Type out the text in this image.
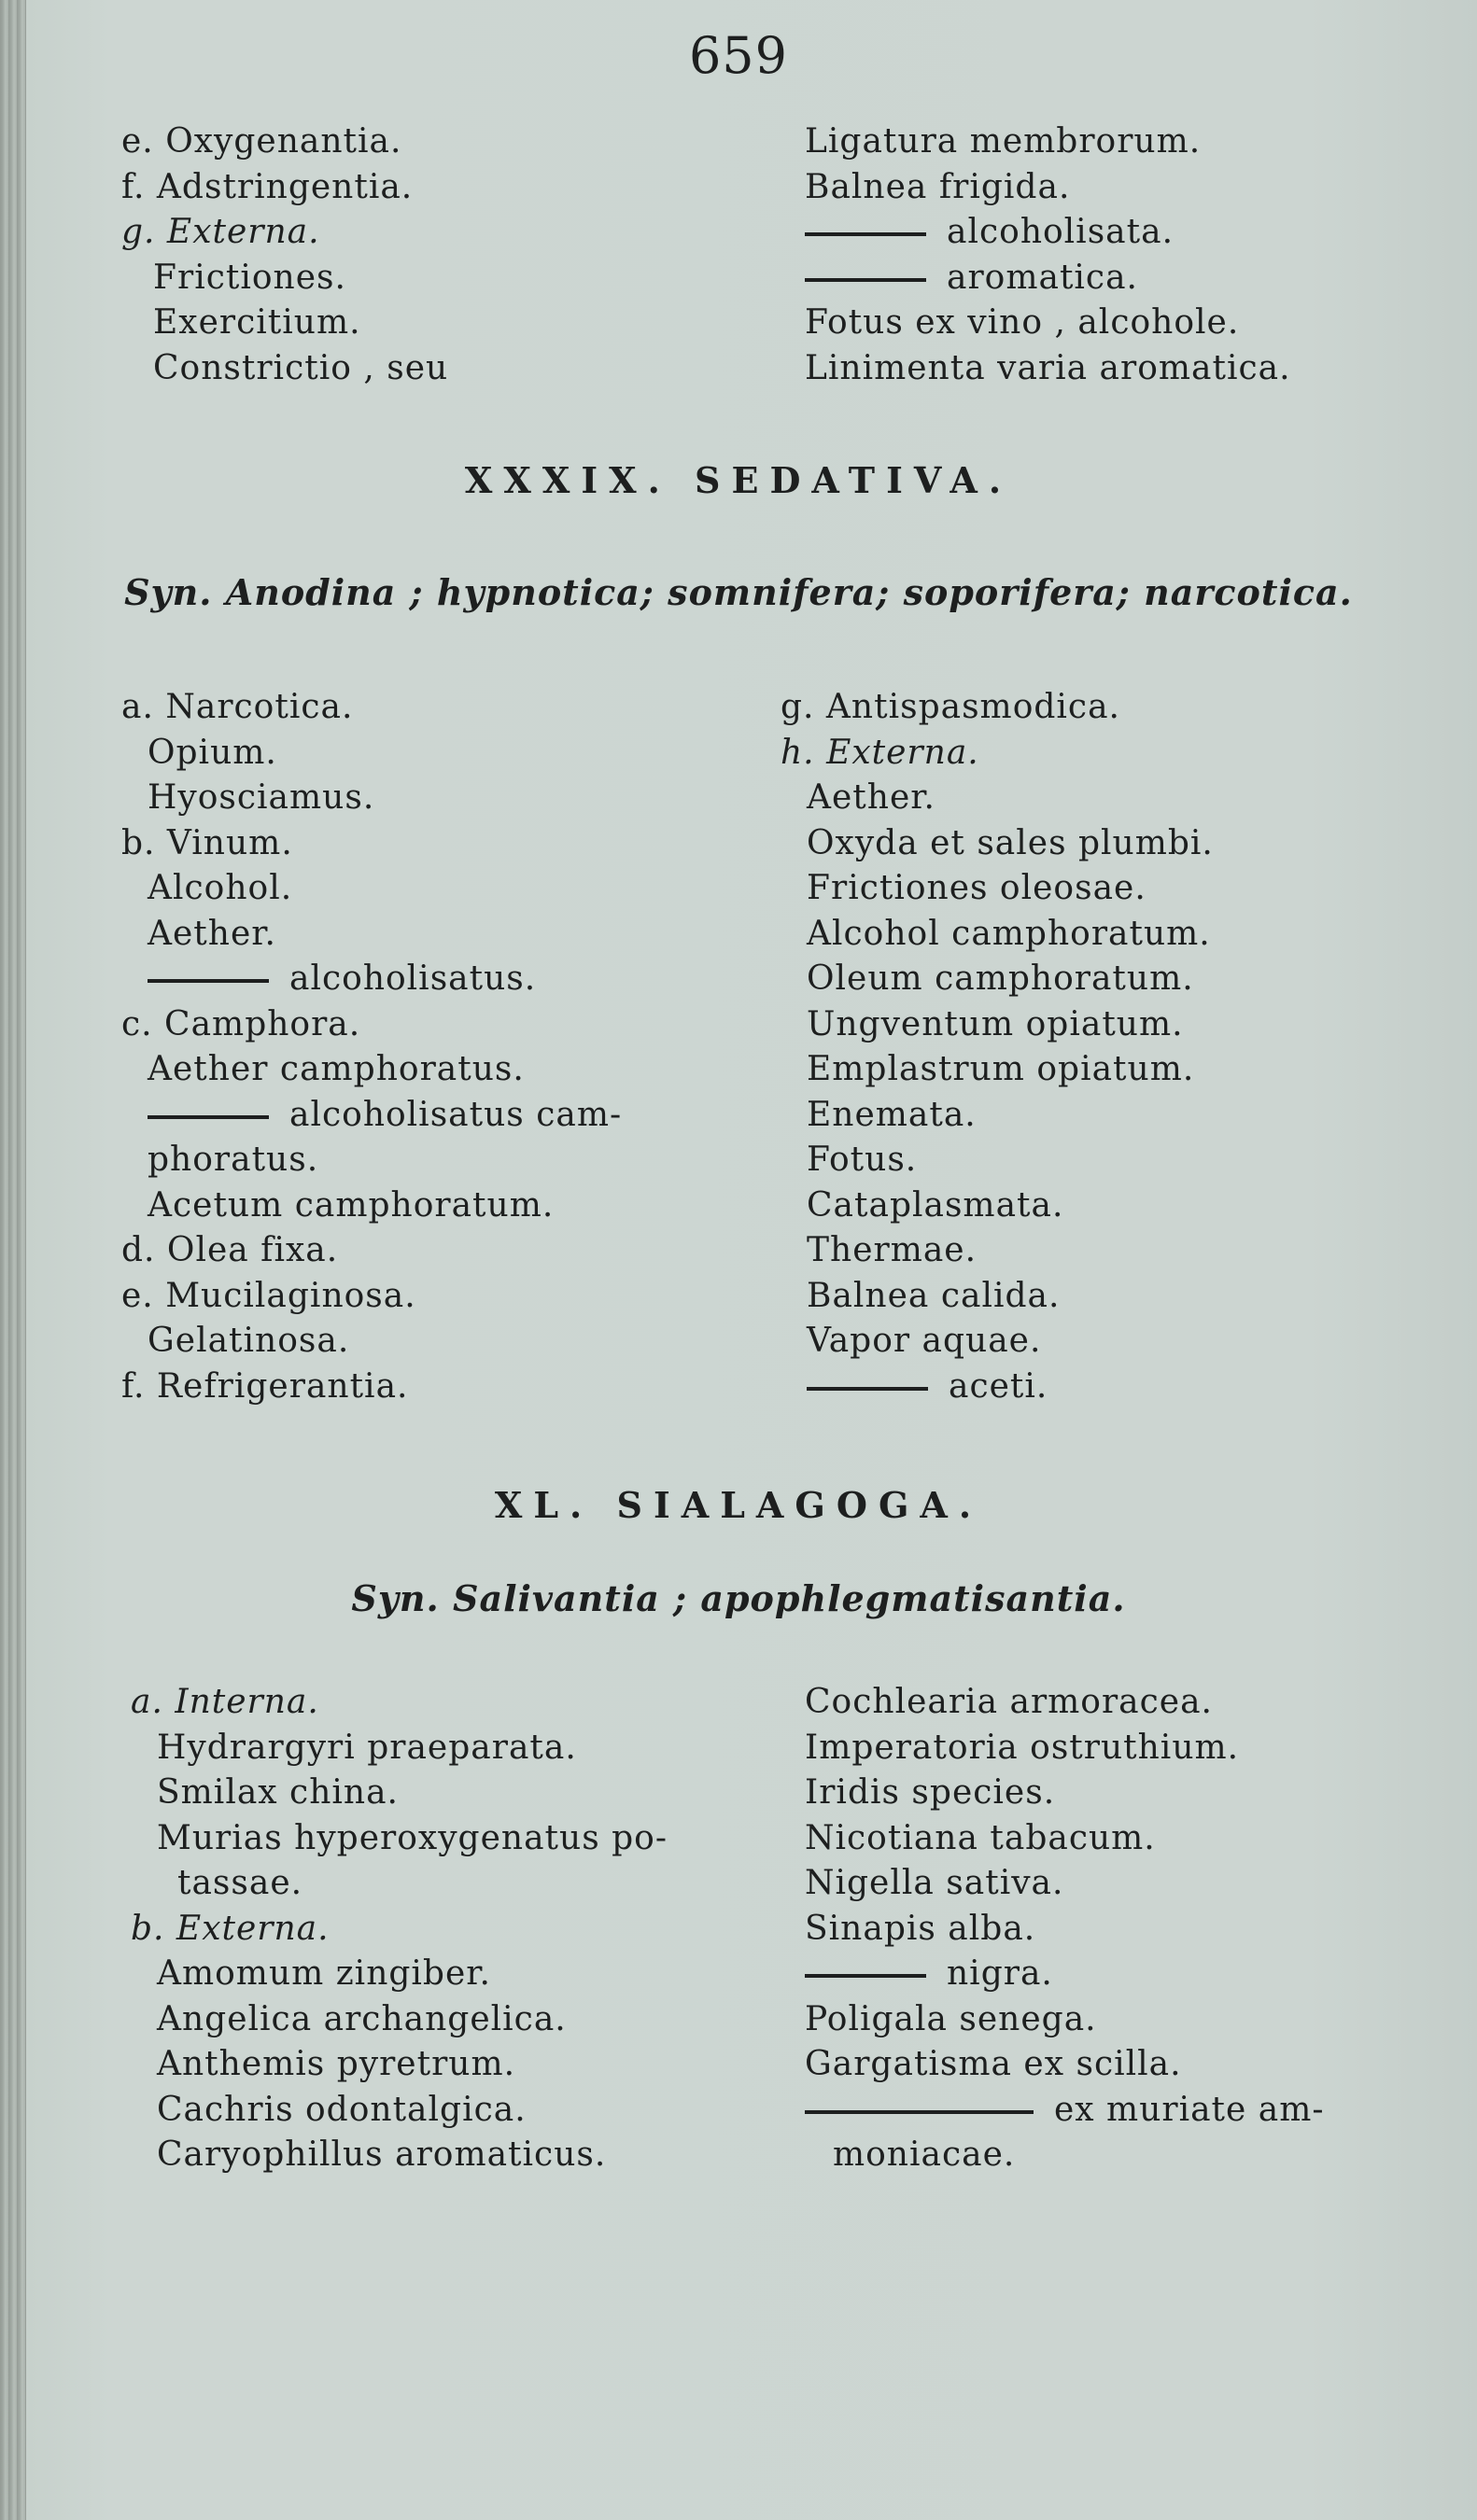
659
e. Oxygenantia.
f. Adstringentia.
g. Externa.
Frictiones.
Exercitium.
Constrictio , seu
Ligatura membrorum.
Balnea frigida.
alcoholisata.
aromatica.
Fotus ex vino , alcohole.
Linimenta varia aromatica.
XXXIX. SEDATIVA.
Syn. Anodina ; hypnotica; somnifera; soporifera; narcotica.
a. Narcotica.
Opium.
Hyosciamus.
b. Vinum.
Alcohol.
Aether.
alcoholisatus.
c. Camphora.
Aether camphoratus.
alcoholisatus cam-
phoratus.
Acetum camphoratum.
d. Olea fixa.
e. Mucilaginosa.
Gelatinosa.
f. Refrigerantia.
g. Antispasmodica.
h. Externa.
Aether.
Oxyda et sales plumbi.
Frictiones oleosae.
Alcohol camphoratum.
Oleum camphoratum.
Ungventum opiatum.
Emplastrum opiatum.
Enemata.
Fotus.
Cataplasmata.
Thermae.
Balnea calida.
Vapor aquae.
aceti.
XL. SIALAGOGA.
Syn. Salivantia ; apophlegmatisantia.
a. Interna.
Hydrargyri praeparata.
Smilax china.
Murias hyperoxygenatus po-
tassae.
b. Externa.
Amomum zingiber.
Angelica archangelica.
Anthemis pyretrum.
Cachris odontalgica.
Caryophillus aromaticus.
Cochlearia armoracea.
Imperatoria ostruthium.
Iridis species.
Nicotiana tabacum.
Nigella sativa.
Sinapis alba.
nigra.
Poligala senega.
Gargatisma ex scilla.
ex muriate am-
moniacae.
